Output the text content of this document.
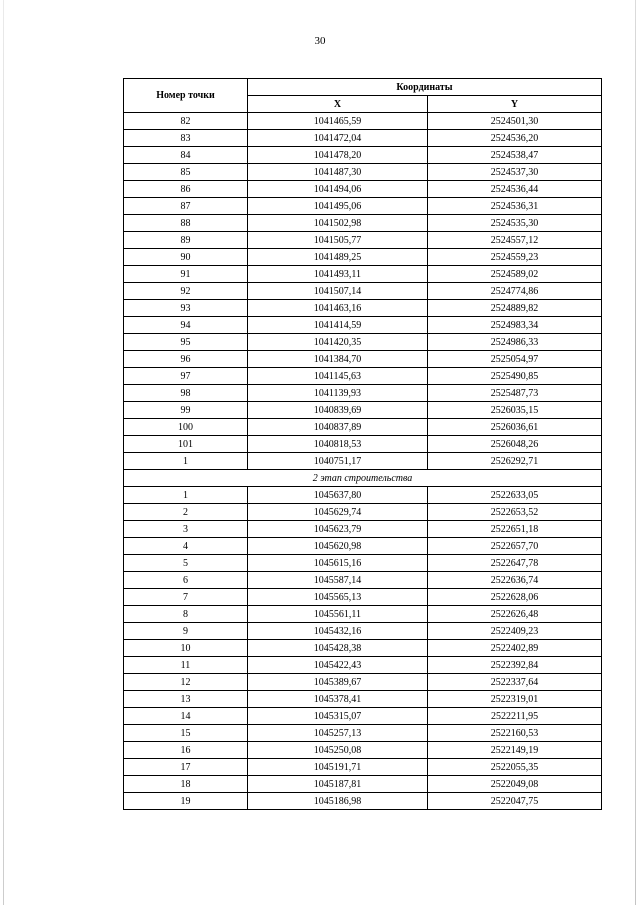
30
Номер точки	Координаты	
	X	Y
82	1041465,59	2524501,30
83	1041472,04	2524536,20
84	1041478,20	2524538,47
85	1041487,30	2524537,30
86	1041494,06	2524536,44
87	1041495,06	2524536,31
88	1041502,98	2524535,30
89	1041505,77	2524557,12
90	1041489,25	2524559,23
91	1041493,11	2524589,02
92	1041507,14	2524774,86
93	1041463,16	2524889,82
94	1041414,59	2524983,34
95	1041420,35	2524986,33
96	1041384,70	2525054,97
97	1041145,63	2525490,85
98	1041139,93	2525487,73
99	1040839,69	2526035,15
100	1040837,89	2526036,61
101	1040818,53	2526048,26
1	1040751,17	2526292,71
2 этап строительства		
1	1045637,80	2522633,05
2	1045629,74	2522653,52
3	1045623,79	2522651,18
4	1045620,98	2522657,70
5	1045615,16	2522647,78
6	1045587,14	2522636,74
7	1045565,13	2522628,06
8	1045561,11	2522626,48
9	1045432,16	2522409,23
10	1045428,38	2522402,89
11	1045422,43	2522392,84
12	1045389,67	2522337,64
13	1045378,41	2522319,01
14	1045315,07	2522211,95
15	1045257,13	2522160,53
16	1045250,08	2522149,19
17	1045191,71	2522055,35
18	1045187,81	2522049,08
19	1045186,98	2522047,75
